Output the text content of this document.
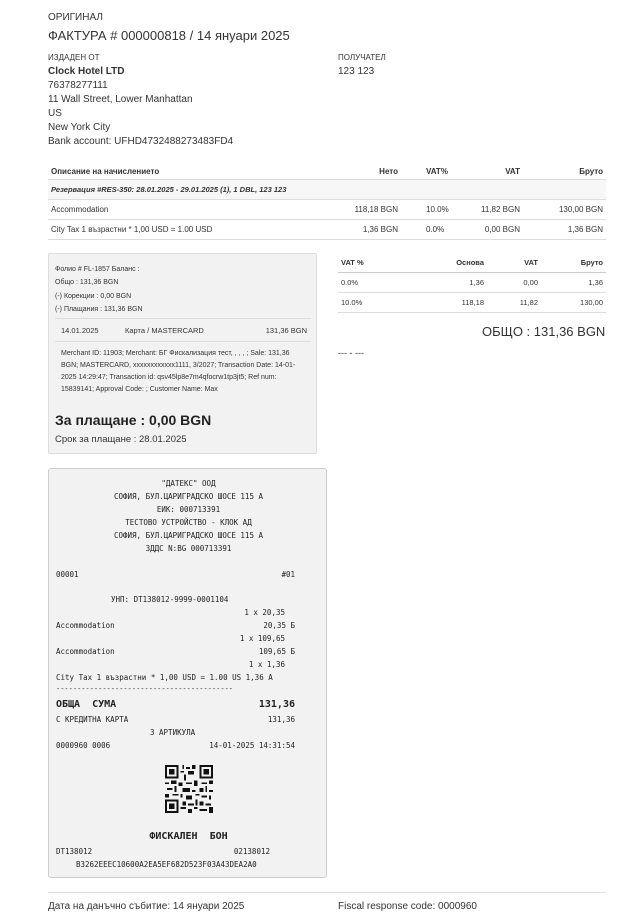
ОРИГИНАЛ
ФАКТУРА # 000000818 / 14 януари 2025
ИЗДАДЕН ОТ
Clock Hotel LTD
76378277111
11 Wall Street, Lower Manhattan
US
New York City
Bank account: UFHD4732488273483FD4
ПОЛУЧАТЕЛ
123 123
Описание на начислението	Нето	VAT%	VAT	Бруто
Резервация #RES-350: 28.01.2025 - 29.01.2025 (1), 1 DBL, 123 123
Accommodation	118,18 BGN	10.0%	11,82 BGN	130,00 BGN
City Tax 1 възрастни * 1,00 USD = 1.00 USD	1,36 BGN	0.0%	0,00 BGN	1,36 BGN
Фолио # FL-1857 Баланс :
Общо : 131,36 BGN
(-) Корекции : 0,00 BGN
(-) Плащания : 131,36 BGN
14.01.2025	Карта / MASTERCARD	131,36 BGN
Merchant ID: 11903; Merchant: БГ Фискализация тест, , , , ; Sale: 131,36 BGN; MASTERCARD, xxxxxxxxxxxx1111, 3/2027; Transaction Date: 14-01-2025 14:29:47; Transaction id: qsv45lp8e7m4qfocrw1tp3jt5; Ref num: 15839141; Approval Code: ; Customer Name: Max
За плащане : 0,00 BGN
Срок за плащане : 28.01.2025
VAT %	Основа	VAT	Бруто
0.0%	1,36	0,00	1,36
10.0%	118,18	11,82	130,00
ОБЩО : 131,36 BGN
--- - ---
"ДАТЕКС" ООД
СОФИЯ, БУЛ.ЦАРИГРАДСКО ШОСЕ 115 А
ЕИК: 000713391
ТЕСТОВО УСТРОЙСТВО - КЛОК АД
СОФИЯ, БУЛ.ЦАРИГРАДСКО ШОСЕ 115 А
ЗДДС N:BG 000713391
00001	#01
УНП: DT138012-9999-0001104
1 x 20,35
Accommodation	20,35 Б
1 x 109,65
Accommodation	109,65 Б
1 x 1,36
City Tax 1 възрастни * 1,00 USD = 1.00 US 1,36 А
------------------------------------------
ОБЩА  СУМА	131,36
С КРЕДИТНА КАРТА	131,36
3 АРТИКУЛА
0000960 0006	14-01-2025 14:31:54
ФИСКАЛЕН  БОН
DT138012	02138012
B3262EEEC10600A2EA5EF682D523F03A43DEA2A0
Дата на данъчно събитие: 14 януари 2025	Fiscal response code: 0000960
